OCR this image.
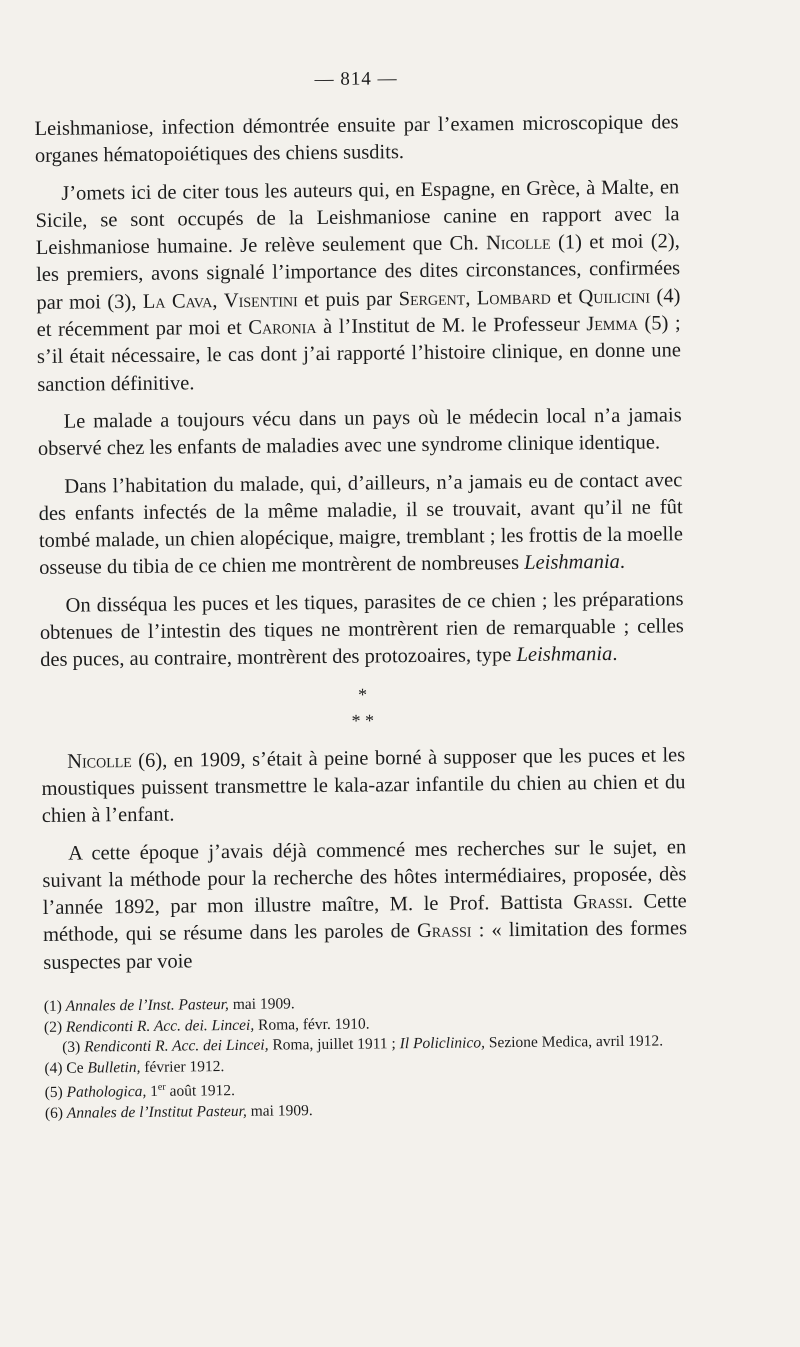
— 814 —

Leishmaniose, infection démontrée ensuite par l’examen microscopique des organes hématopoiétiques des chiens susdits.

J’omets ici de citer tous les auteurs qui, en Espagne, en Grèce, à Malte, en Sicile, se sont occupés de la Leishmaniose canine en rapport avec la Leishmaniose humaine. Je relève seulement que Ch. Nicolle (1) et moi (2), les premiers, avons signalé l’importance des dites circonstances, confirmées par moi (3), La Cava, Visentini et puis par Sergent, Lombard et Quilicini (4) et récemment par moi et Caronia à l’Institut de M. le Professeur Jemma (5) ; s’il était nécessaire, le cas dont j’ai rapporté l’histoire clinique, en donne une sanction définitive.

Le malade a toujours vécu dans un pays où le médecin local n’a jamais observé chez les enfants de maladies avec une syndrome clinique identique.

Dans l’habitation du malade, qui, d’ailleurs, n’a jamais eu de contact avec des enfants infectés de la même maladie, il se trouvait, avant qu’il ne fût tombé malade, un chien alopécique, maigre, tremblant ; les frottis de la moelle osseuse du tibia de ce chien me montrèrent de nombreuses Leishmania.

On disséqua les puces et les tiques, parasites de ce chien ; les préparations obtenues de l’intestin des tiques ne montrèrent rien de remarquable ; celles des puces, au contraire, montrèrent des protozoaires, type Leishmania.

*
* *

Nicolle (6), en 1909, s’était à peine borné à supposer que les puces et les moustiques puissent transmettre le kala-azar infantile du chien au chien et du chien à l’enfant.

A cette époque j’avais déjà commencé mes recherches sur le sujet, en suivant la méthode pour la recherche des hôtes intermédiaires, proposée, dès l’année 1892, par mon illustre maître, M. le Prof. Battista Grassi. Cette méthode, qui se résume dans les paroles de Grassi : « limitation des formes suspectes par voie

(1) Annales de l’Inst. Pasteur, mai 1909.

(2) Rendiconti R. Acc. dei. Lincei, Roma, févr. 1910.

(3) Rendiconti R. Acc. dei Lincei, Roma, juillet 1911 ; Il Policlinico, Sezione Medica, avril 1912.

(4) Ce Bulletin, février 1912.

(5) Pathologica, 1er août 1912.

(6) Annales de l’Institut Pasteur, mai 1909.
